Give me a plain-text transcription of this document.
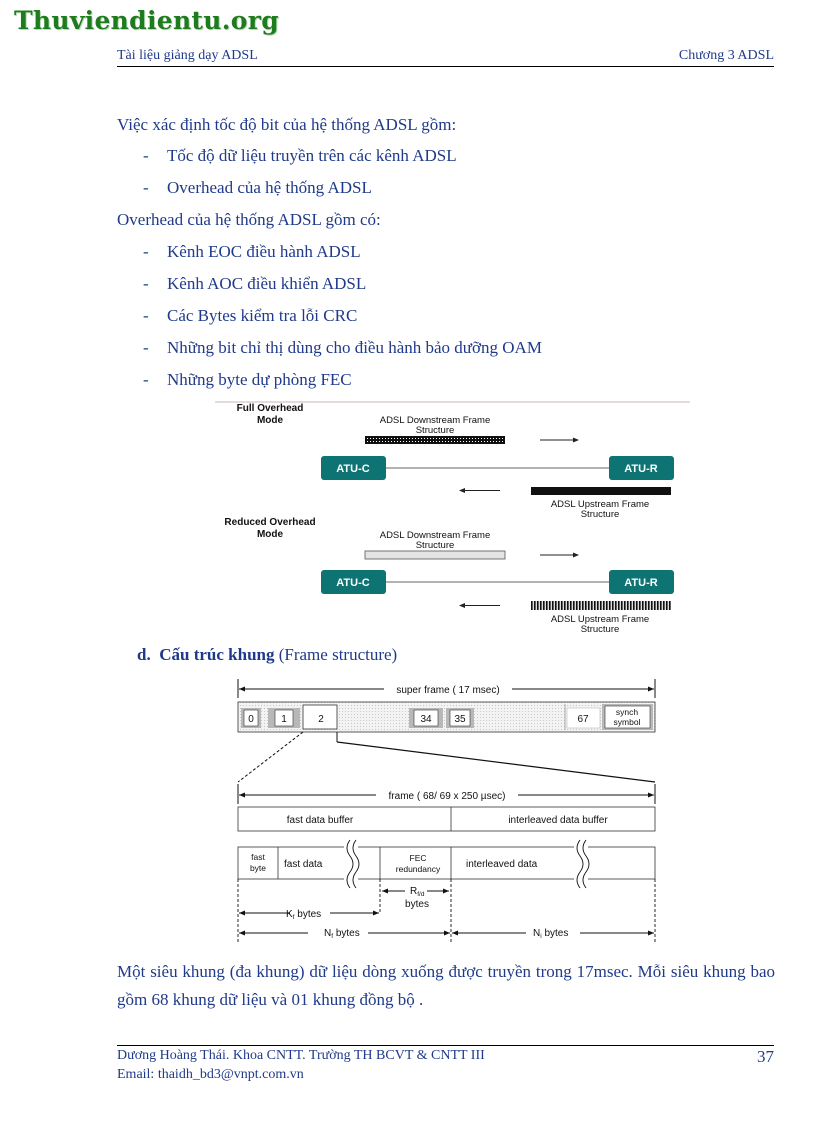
Thuviendientu.org
Tài liệu giảng dạy ADSL	Chương 3 ADSL
Việc xác định tốc độ bit của hệ thống ADSL gồm:
- Tốc độ dữ liệu truyền trên các kênh ADSL
- Overhead của hệ thống ADSL
Overhead của hệ thống ADSL gồm có:
- Kênh EOC điều hành ADSL
- Kênh AOC điều khiển ADSL
- Các Bytes kiểm tra lỗi CRC
- Những bit chỉ thị dùng cho điều hành bảo dưỡng OAM
- Những byte dự phòng FEC
Full Overhead
Mode	ADSL Downstream Frame
Structure
ATU-C	ATU-R
ADSL Upstream Frame
Structure
Reduced Overhead
Mode	ADSL Downstream Frame
Structure
ATU-C	ATU-R
ADSL Upstream Frame
Structure
d. Cấu trúc khung (Frame structure)
super frame ( 17 msec)
0	1	2	34 35	67
synch
symbol
frame ( 68/ 69 x 250 µsec)
fast data buffer	interleaved data buffer
fast
byte fast data
FEC
redundancy	interleaved data
$R_{f/d}$
bytes
$K_f$ bytes
$N_f$ bytes	$N_i$ bytes
Một siêu khung (đa khung) dữ liệu dòng xuống được truyền trong 17msec. Mỗi siêu khung bao gồm 68 khung dữ liệu và 01 khung đồng bộ .
Dương Hoàng Thái. Khoa CNTT. Trường TH BCVT & CNTT III
Email: thaidh_bd3@vnpt.com.vn
37
